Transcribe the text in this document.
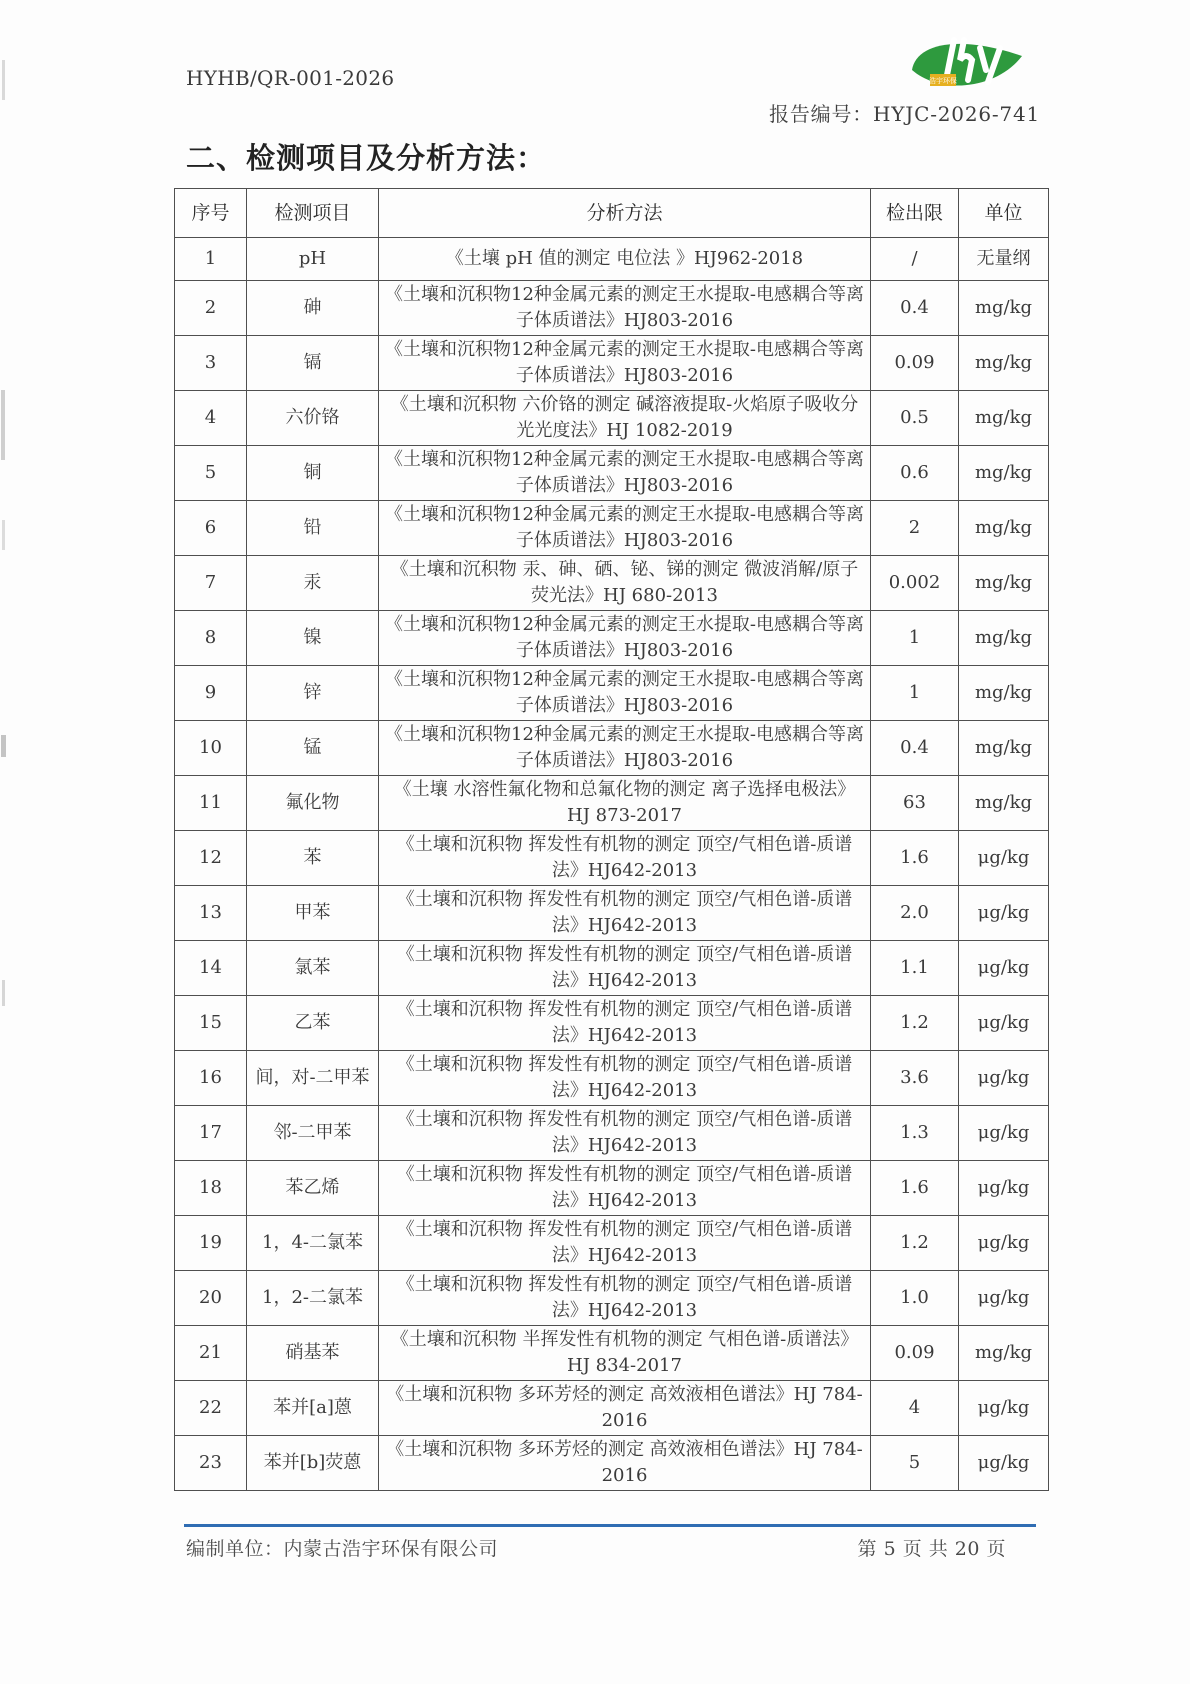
HYHB/QR-001-2026	浩宇环保
报告编号：HYJC-2026-741
二、检测项目及分析方法：
序号	检测项目	分析方法	检出限	单位
1	pH	《土壤 pH 值的测定 电位法 》HJ962-2018	/	无量纲
2	砷	《土壤和沉积物12种金属元素的测定王水提取-电感耦合等离子体质谱法》HJ803-2016	0.4	mg/kg
3	镉	《土壤和沉积物12种金属元素的测定王水提取-电感耦合等离子体质谱法》HJ803-2016	0.09	mg/kg
4	六价铬	《土壤和沉积物 六价铬的测定 碱溶液提取-火焰原子吸收分光光度法》HJ 1082-2019	0.5	mg/kg
5	铜	《土壤和沉积物12种金属元素的测定王水提取-电感耦合等离子体质谱法》HJ803-2016	0.6	mg/kg
6	铅	《土壤和沉积物12种金属元素的测定王水提取-电感耦合等离子体质谱法》HJ803-2016	2	mg/kg
7	汞	《土壤和沉积物 汞、砷、硒、铋、锑的测定 微波消解/原子荧光法》HJ 680-2013	0.002	mg/kg
8	镍	《土壤和沉积物12种金属元素的测定王水提取-电感耦合等离子体质谱法》HJ803-2016	1	mg/kg
9	锌	《土壤和沉积物12种金属元素的测定王水提取-电感耦合等离子体质谱法》HJ803-2016	1	mg/kg
10	锰	《土壤和沉积物12种金属元素的测定王水提取-电感耦合等离子体质谱法》HJ803-2016	0.4	mg/kg
11	氟化物	《土壤 水溶性氟化物和总氟化物的测定 离子选择电极法》HJ 873-2017	63	mg/kg
12	苯	《土壤和沉积物 挥发性有机物的测定 顶空/气相色谱-质谱法》HJ642-2013	1.6	μg/kg
13	甲苯	《土壤和沉积物 挥发性有机物的测定 顶空/气相色谱-质谱法》HJ642-2013	2.0	μg/kg
14	氯苯	《土壤和沉积物 挥发性有机物的测定 顶空/气相色谱-质谱法》HJ642-2013	1.1	μg/kg
15	乙苯	《土壤和沉积物 挥发性有机物的测定 顶空/气相色谱-质谱法》HJ642-2013	1.2	μg/kg
16	间，对-二甲苯	《土壤和沉积物 挥发性有机物的测定 顶空/气相色谱-质谱法》HJ642-2013	3.6	μg/kg
17	邻-二甲苯	《土壤和沉积物 挥发性有机物的测定 顶空/气相色谱-质谱法》HJ642-2013	1.3	μg/kg
18	苯乙烯	《土壤和沉积物 挥发性有机物的测定 顶空/气相色谱-质谱法》HJ642-2013	1.6	μg/kg
19	1，4-二氯苯	《土壤和沉积物 挥发性有机物的测定 顶空/气相色谱-质谱法》HJ642-2013	1.2	μg/kg
20	1，2-二氯苯	《土壤和沉积物 挥发性有机物的测定 顶空/气相色谱-质谱法》HJ642-2013	1.0	μg/kg
21	硝基苯	《土壤和沉积物 半挥发性有机物的测定 气相色谱-质谱法》HJ 834-2017	0.09	mg/kg
22	苯并[a]蒽	《土壤和沉积物 多环芳烃的测定 高效液相色谱法》HJ 784-2016	4	μg/kg
23	苯并[b]荧蒽	《土壤和沉积物 多环芳烃的测定 高效液相色谱法》HJ 784-2016	5	μg/kg
编制单位：内蒙古浩宇环保有限公司	第 5 页 共 20 页
